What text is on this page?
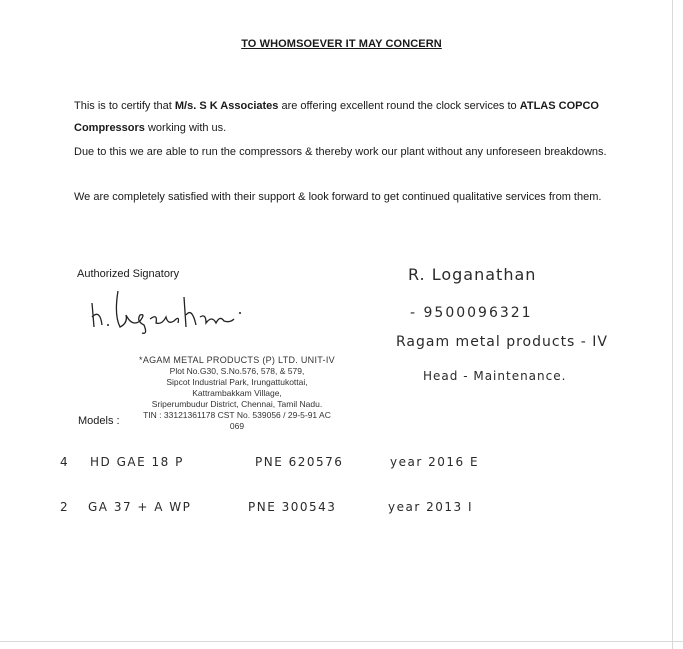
TO WHOMSOEVER IT MAY CONCERN
This is to certify that M/s. S K Associates are offering excellent round the clock services to ATLAS COPCO Compressors working with us.
Due to this we are able to run the compressors & thereby work our plant without any unforeseen breakdowns.
We are completely satisfied with their support & look forward to get continued qualitative services from them.
Authorized Signatory
*AGAM METAL PRODUCTS (P) LTD. UNIT-IV
Plot No.G30, S.No.576, 578, & 579,
Sipcot Industrial Park, Irungattukottai,
Kattrambakkam Village,
Sriperumbudur District, Chennai, Tamil Nadu.
TIN : 33121361178 CST No. 539056 / 29-5-91 AC 069
Models :
R. Loganathan
- 9500096321
Ragam metal products - IV
Head - Maintenance.
4 HD GAE 18 P	PNE 620576	year 2016 E
2 GA 37 + A WP	PNE 300543	year 2013 I
